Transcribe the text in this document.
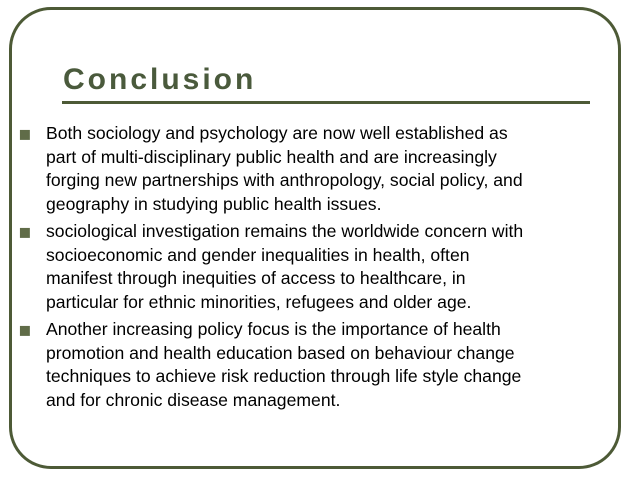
Conclusion
▪ Both sociology and psychology are now well established as
part of multi-disciplinary public health and are increasingly
forging new partnerships with anthropology, social policy, and
geography in studying public health issues.
▪ sociological investigation remains the worldwide concern with
socioeconomic and gender inequalities in health, often
manifest through inequities of access to healthcare, in
particular for ethnic minorities, refugees and older age.
▪ Another increasing policy focus is the importance of health
promotion and health education based on behaviour change
techniques to achieve risk reduction through life style change
and for chronic disease management.
